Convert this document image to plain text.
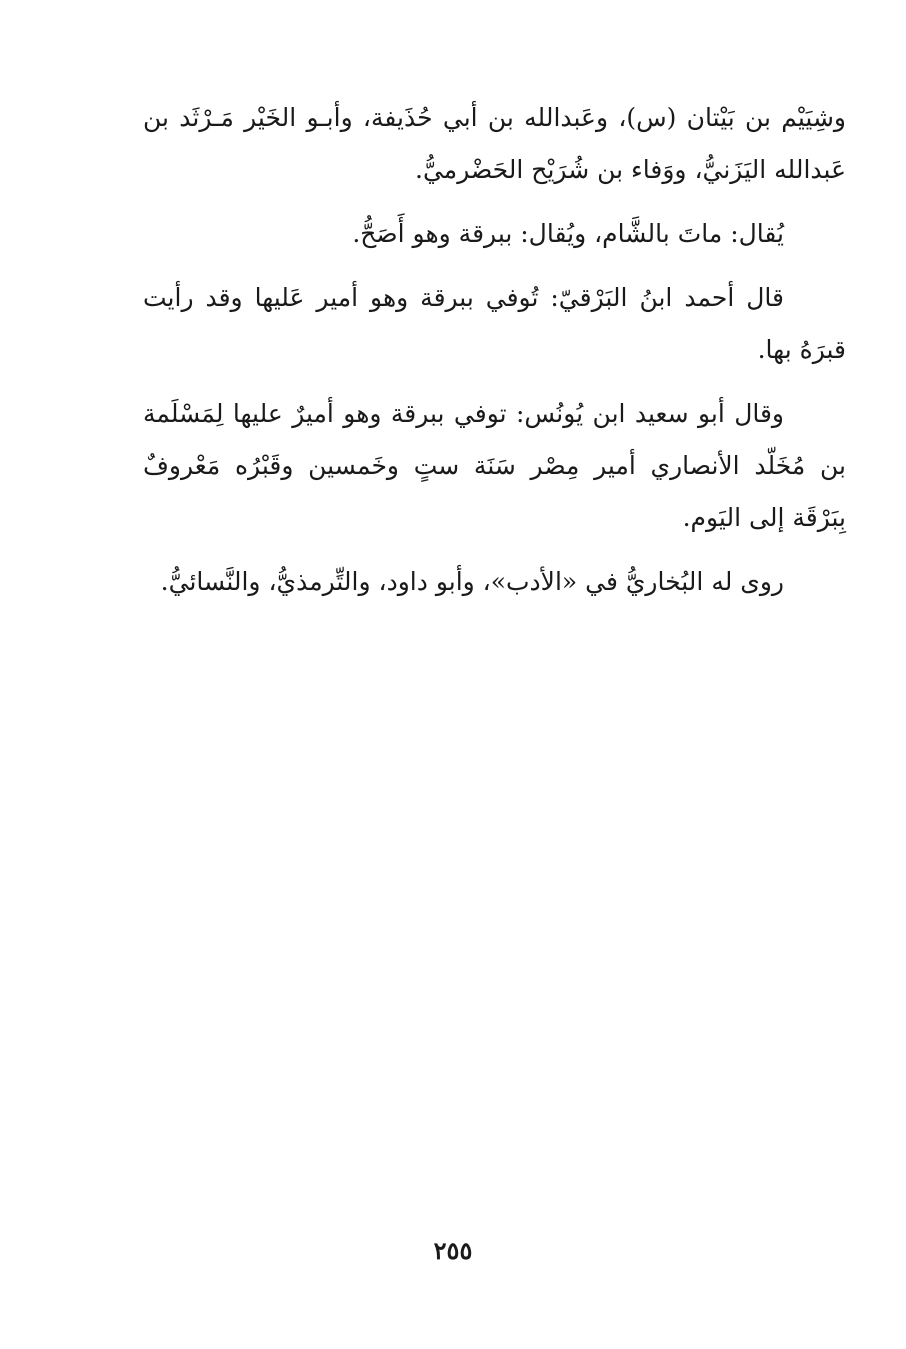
وشِيَيْم بن بَيْتان (س)، وعَبدالله بن أبي حُذَيفة، وأبـو الخَيْر مَـرْثَد بن عَبدالله اليَزَنيُّ، ووَفاء بن شُرَيْح الحَضْرميُّ.

يُقال: ماتَ بالشَّام، ويُقال: ببرقة وهو أَصَحُّ.

قال أحمد ابنُ البَرْقيّ: تُوفي ببرقة وهو أمير عَليها وقد رأيت قبرَهُ بها.

وقال أبو سعيد ابن يُونُس: توفي ببرقة وهو أميرٌ عليها لِمَسْلَمة بن مُخَلّد الأنصاري أمير مِصْر سَنَة ستٍ وخَمسين وقَبْرُه مَعْروفٌ بِبَرْقَة إلى اليَوم.

روى له البُخاريُّ في «الأدب»، وأبو داود، والتِّرمذيُّ، والنَّسائيُّ.

٢٥٥
